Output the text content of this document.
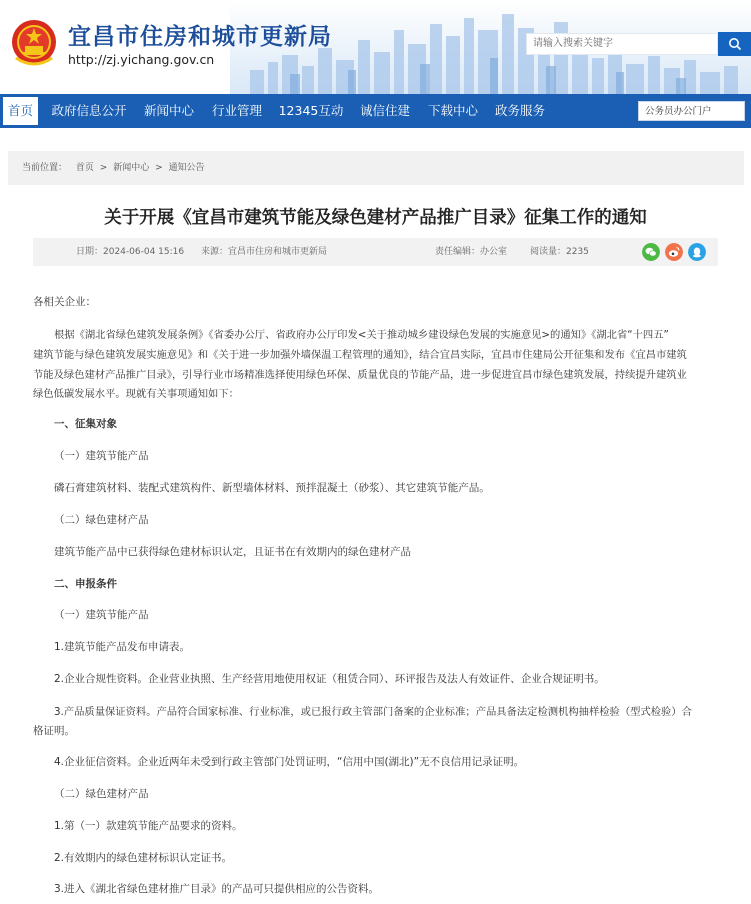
宜昌市住房和城市更新局
http://zj.yichang.gov.cn
请输入搜索关键字
首页	政府信息公开	新闻中心	行业管理	12345互动	诚信住建	下载中心	政务服务	公务员办公门户
当前位置： 首页 > 新闻中心 > 通知公告
关于开展《宜昌市建筑节能及绿色建材产品推广目录》征集工作的通知
日期：2024-06-04 15:16 来源：宜昌市住房和城市更新局	责任编辑：办公室	阅读量：2235
各相关企业：
根据《湖北省绿色建筑发展条例》《省委办公厅、省政府办公厅印发<关于推动城乡建设绿色发展的实施意见>的通知》《湖北省“十四五”
建筑节能与绿色建筑发展实施意见》和《关于进一步加强外墙保温工程管理的通知》，结合宜昌实际，宜昌市住建局公开征集和发布《宜昌市建筑
节能及绿色建材产品推广目录》，引导行业市场精准选择使用绿色环保、质量优良的节能产品，进一步促进宜昌市绿色建筑发展，持续提升建筑业
绿色低碳发展水平。现就有关事项通知如下：
一、征集对象
（一）建筑节能产品
磷石膏建筑材料、装配式建筑构件、新型墙体材料、预拌混凝土（砂浆）、其它建筑节能产品。
（二）绿色建材产品
建筑节能产品中已获得绿色建材标识认定，且证书在有效期内的绿色建材产品
二、申报条件
（一）建筑节能产品
1.建筑节能产品发布申请表。
2.企业合规性资料。企业营业执照、生产经营用地使用权证（租赁合同）、环评报告及法人有效证件、企业合规证明书。
3.产品质量保证资料。产品符合国家标准、行业标准，或已报行政主管部门备案的企业标准；产品具备法定检测机构抽样检验（型式检验）合
格证明。
4.企业征信资料。企业近两年未受到行政主管部门处罚证明，“信用中国(湖北)”无不良信用记录证明。
（二）绿色建材产品
1.第（一）款建筑节能产品要求的资料。
2.有效期内的绿色建材标识认定证书。
3.进入《湖北省绿色建材推广目录》的产品可只提供相应的公告资料。
